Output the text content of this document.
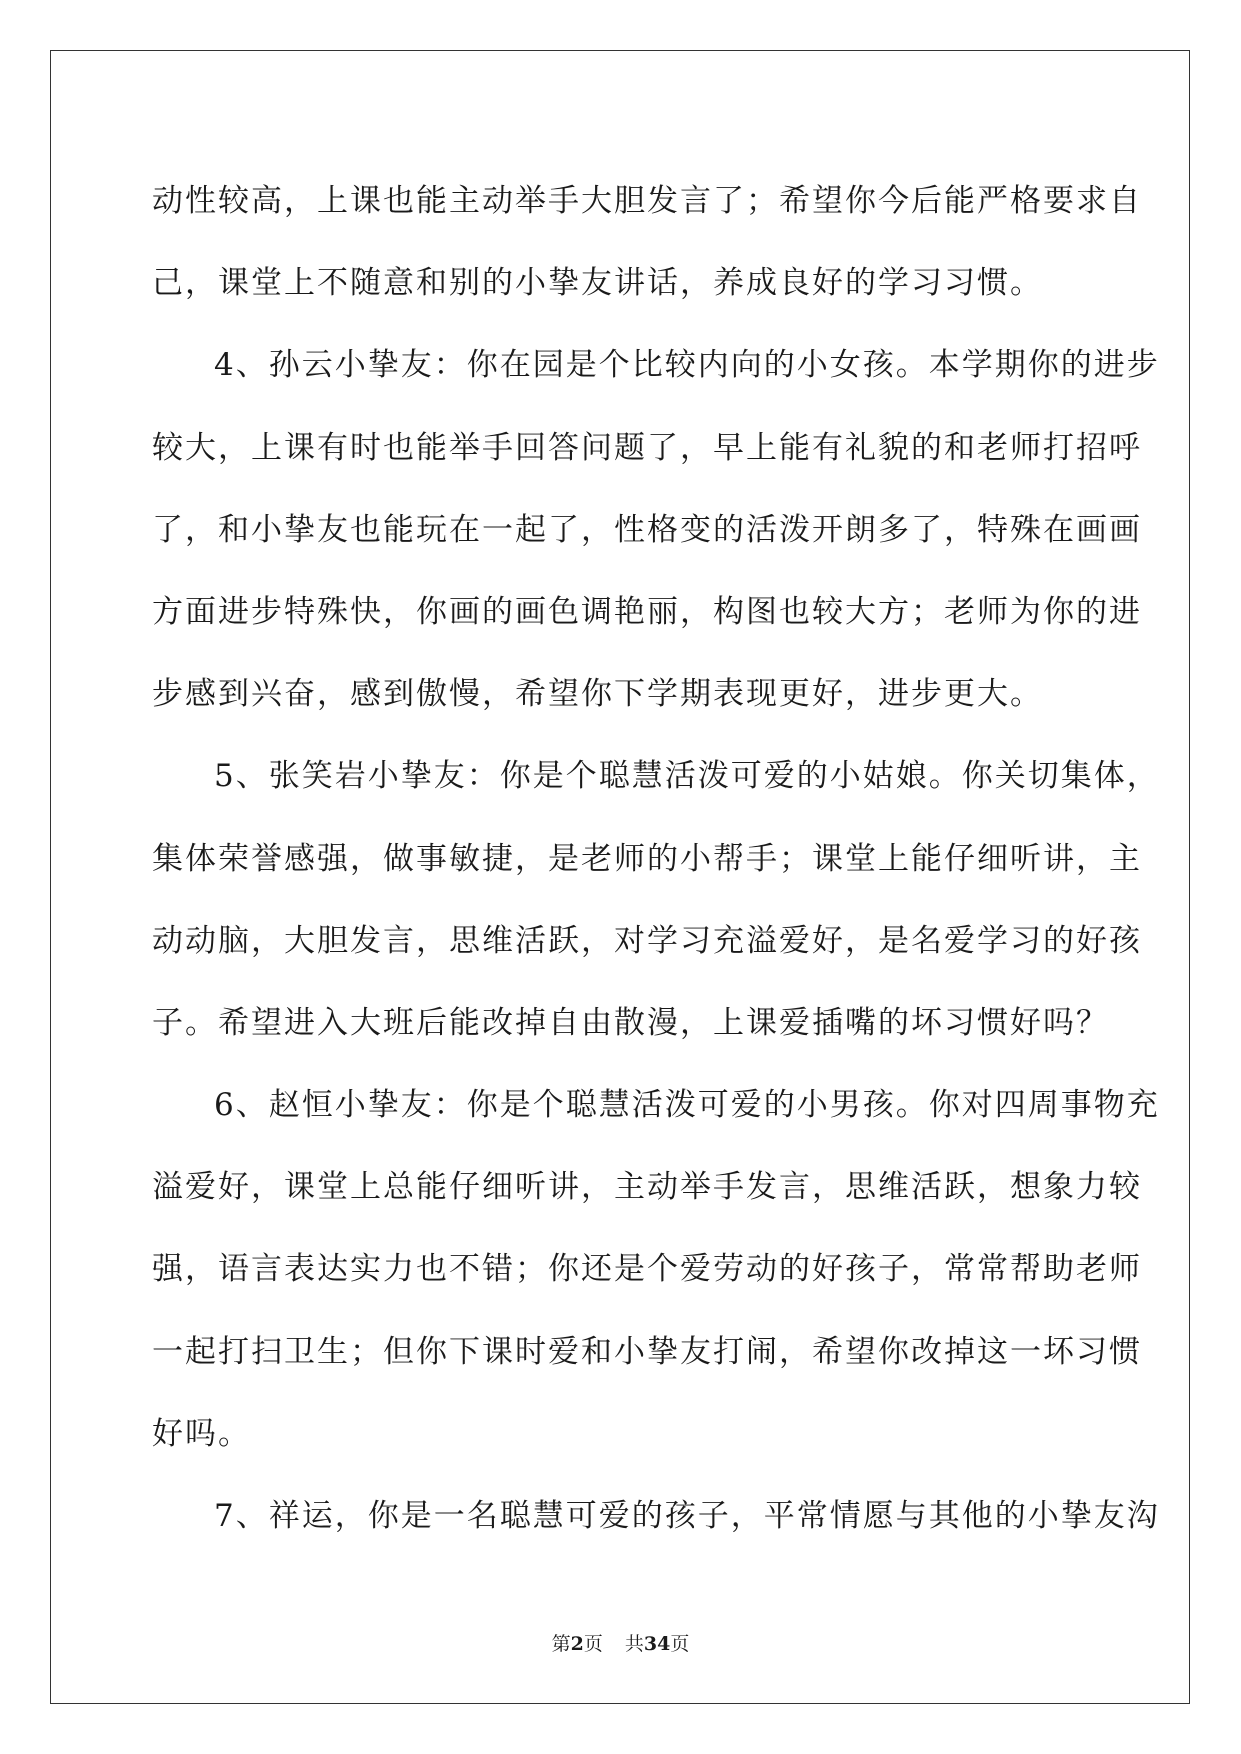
动性较高，上课也能主动举手大胆发言了；希望你今后能严格要求自
己，课堂上不随意和别的小挚友讲话，养成良好的学习习惯。
4、孙云小挚友：你在园是个比较内向的小女孩。本学期你的进步
较大，上课有时也能举手回答问题了，早上能有礼貌的和老师打招呼
了，和小挚友也能玩在一起了，性格变的活泼开朗多了，特殊在画画
方面进步特殊快，你画的画色调艳丽，构图也较大方；老师为你的进
步感到兴奋，感到傲慢，希望你下学期表现更好，进步更大。
5、张笑岩小挚友：你是个聪慧活泼可爱的小姑娘。你关切集体，
集体荣誉感强，做事敏捷，是老师的小帮手；课堂上能仔细听讲，主
动动脑，大胆发言，思维活跃，对学习充溢爱好，是名爱学习的好孩
子。希望进入大班后能改掉自由散漫，上课爱插嘴的坏习惯好吗？
6、赵恒小挚友：你是个聪慧活泼可爱的小男孩。你对四周事物充
溢爱好，课堂上总能仔细听讲，主动举手发言，思维活跃，想象力较
强，语言表达实力也不错；你还是个爱劳动的好孩子，常常帮助老师
一起打扫卫生；但你下课时爱和小挚友打闹，希望你改掉这一坏习惯
好吗。
7、祥运，你是一名聪慧可爱的孩子，平常情愿与其他的小挚友沟
第2页 共34页
